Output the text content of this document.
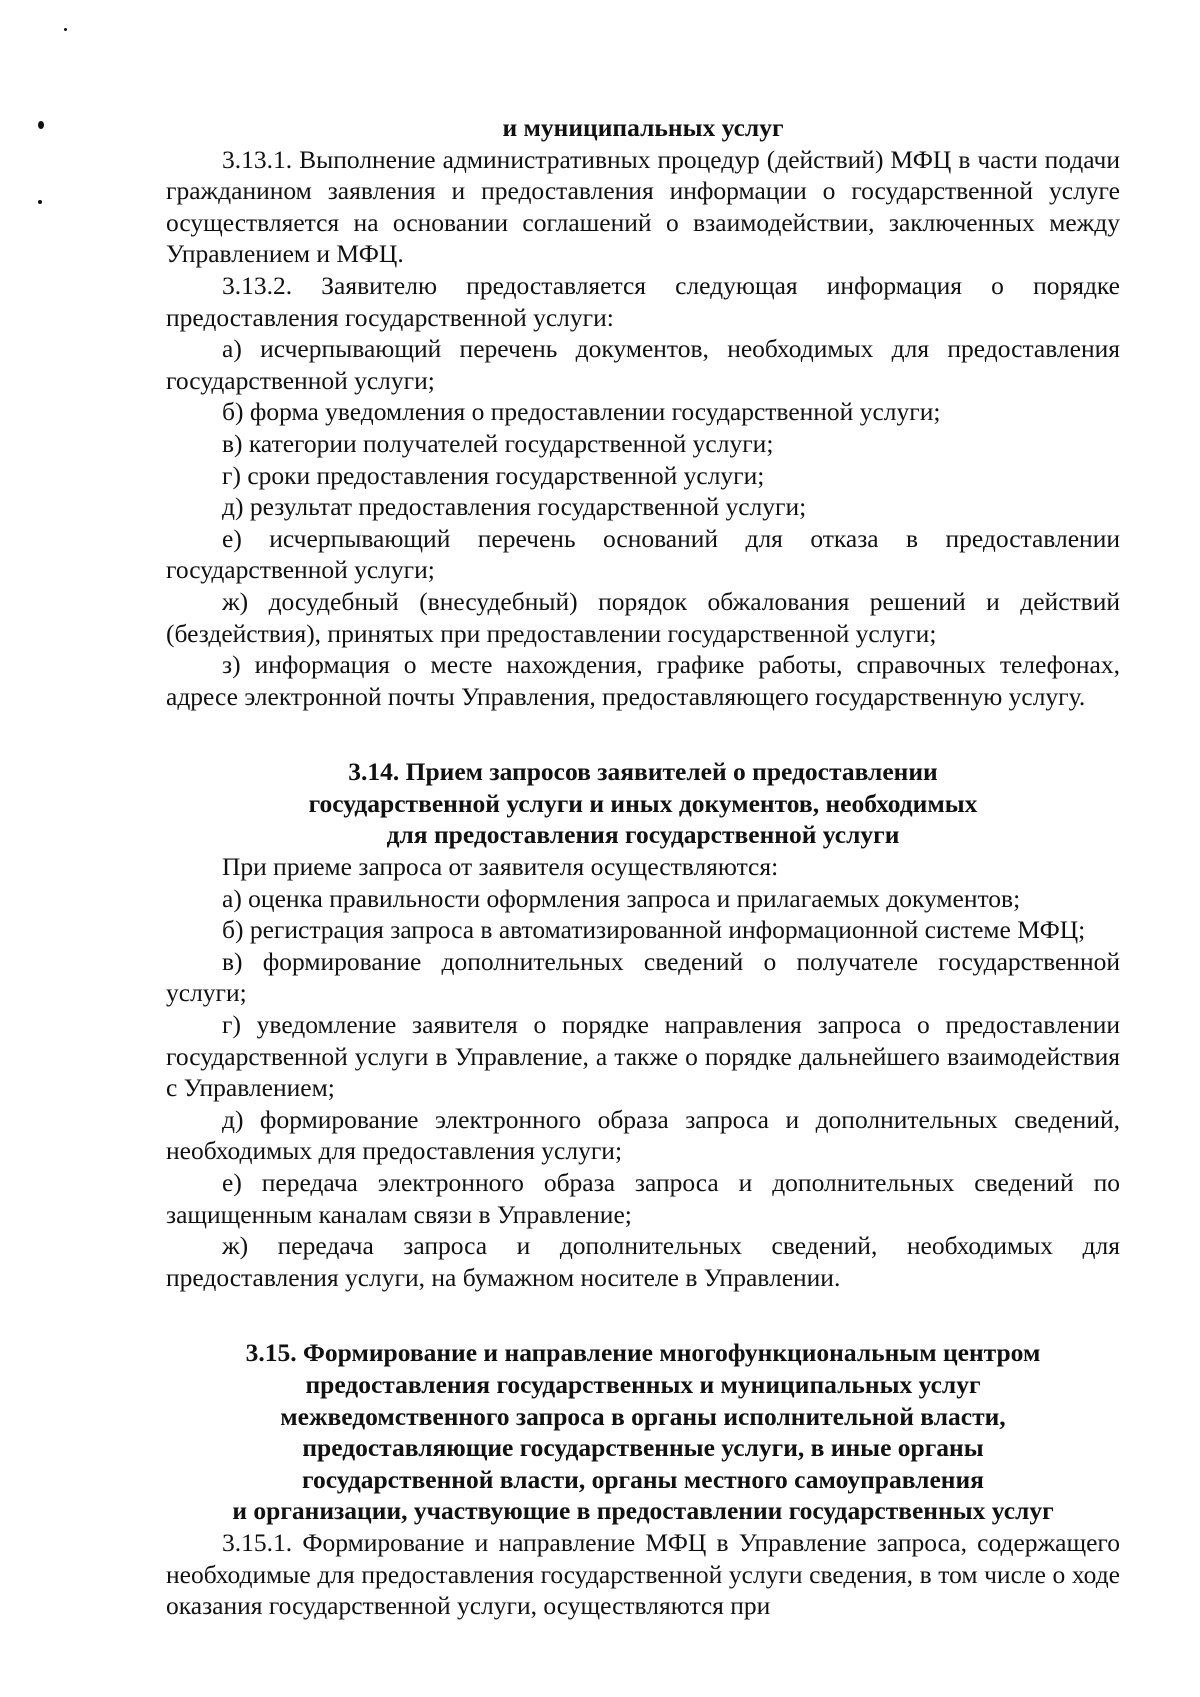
и муниципальных услуг
3.13.1. Выполнение административных процедур (действий) МФЦ в части подачи гражданином заявления и предоставления информации о государственной услуге осуществляется на основании соглашений о взаимодействии, заключенных между Управлением и МФЦ.
3.13.2. Заявителю предоставляется следующая информация о порядке предоставления государственной услуги:
а) исчерпывающий перечень документов, необходимых для предоставления государственной услуги;
б) форма уведомления о предоставлении государственной услуги;
в) категории получателей государственной услуги;
г) сроки предоставления государственной услуги;
д) результат предоставления государственной услуги;
е) исчерпывающий перечень оснований для отказа в предоставлении государственной услуги;
ж) досудебный (внесудебный) порядок обжалования решений и действий (бездействия), принятых при предоставлении государственной услуги;
з) информация о месте нахождения, графике работы, справочных телефонах, адресе электронной почты Управления, предоставляющего государственную услугу.
3.14. Прием запросов заявителей о предоставлении
государственной услуги и иных документов, необходимых
для предоставления государственной услуги
При приеме запроса от заявителя осуществляются:
а) оценка правильности оформления запроса и прилагаемых документов;
б) регистрация запроса в автоматизированной информационной системе МФЦ;
в) формирование дополнительных сведений о получателе государственной услуги;
г) уведомление заявителя о порядке направления запроса о предоставлении государственной услуги в Управление, а также о порядке дальнейшего взаимодействия с Управлением;
д) формирование электронного образа запроса и дополнительных сведений, необходимых для предоставления услуги;
е) передача электронного образа запроса и дополнительных сведений по защищенным каналам связи в Управление;
ж) передача запроса и дополнительных сведений, необходимых для предоставления услуги, на бумажном носителе в Управлении.
3.15. Формирование и направление многофункциональным центром
предоставления государственных и муниципальных услуг
межведомственного запроса в органы исполнительной власти,
предоставляющие государственные услуги, в иные органы
государственной власти, органы местного самоуправления
и организации, участвующие в предоставлении государственных услуг
3.15.1. Формирование и направление МФЦ в Управление запроса, содержащего необходимые для предоставления государственной услуги сведения, в том числе о ходе оказания государственной услуги, осуществляются при
